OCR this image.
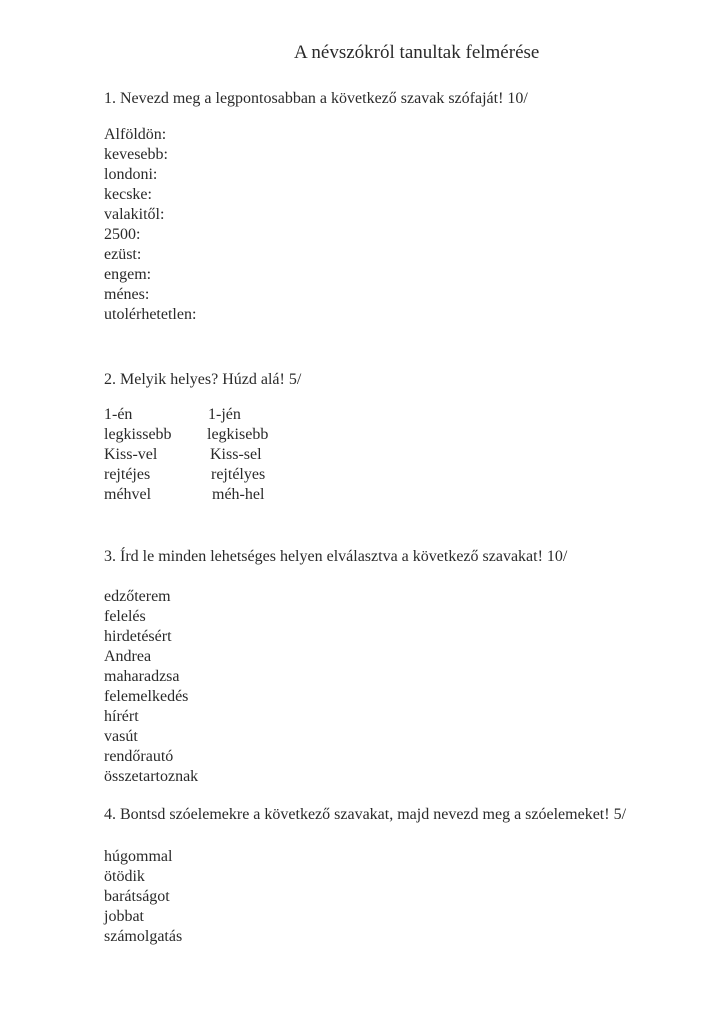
A névszókról tanultak felmérése
1. Nevezd meg a legpontosabban a következő szavak szófaját! 10/
Alföldön:
kevesebb:
londoni:
kecske:
valakitől:
2500:
ezüst:
engem:
ménes:
utolérhetetlen:
2. Melyik helyes? Húzd alá! 5/
1-én	1-jén
legkissebb legkisebb
Kiss-vel	Kiss-sel
rejtéjes	rejtélyes
méhvel	méh-hel
3. Írd le minden lehetséges helyen elválasztva a következő szavakat! 10/
edzőterem
felelés
hirdetésért
Andrea
maharadzsa
felemelkedés
hírért
vasút
rendőrautó
összetartoznak
4. Bontsd szóelemekre a következő szavakat, majd nevezd meg a szóelemeket! 5/
húgommal
ötödik
barátságot
jobbat
számolgatás
